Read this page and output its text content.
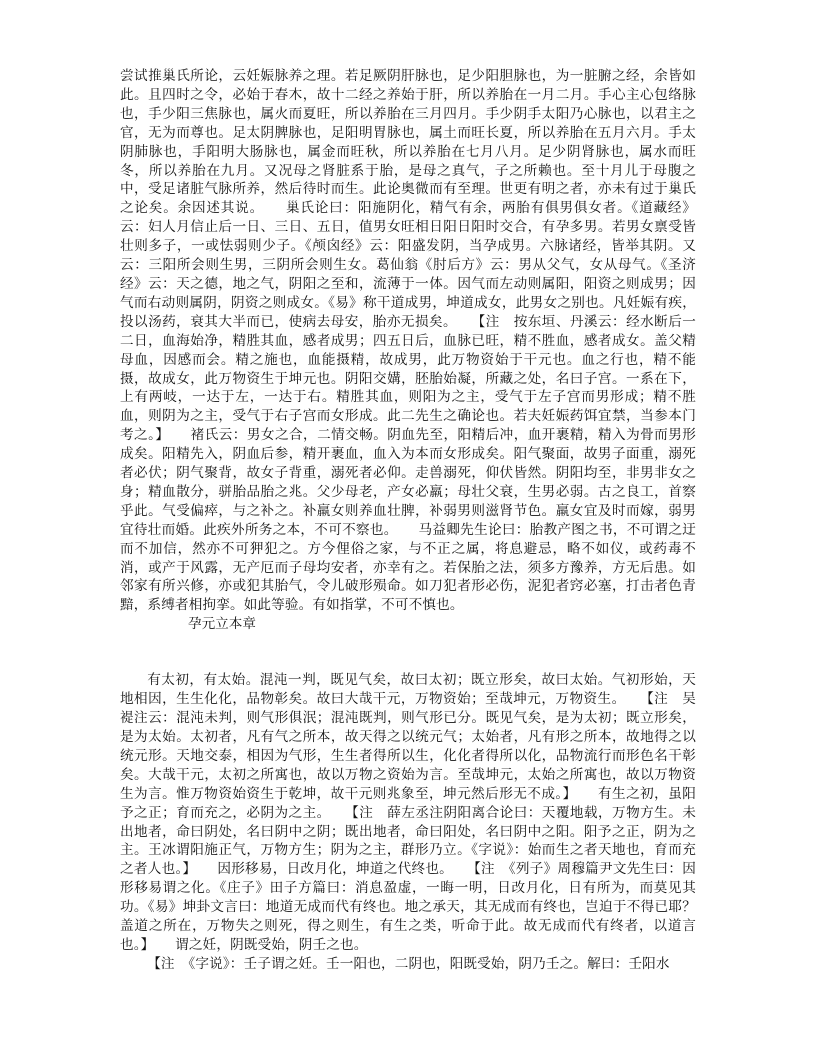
尝试推巢氏所论，云妊娠脉养之理。若足厥阴肝脉也，足少阳胆脉也，为一脏腑之经，余皆如此。且四时之令，必始于春木，故十二经之养始于肝，所以养胎在一月二月。手心主心包络脉也，手少阳三焦脉也，属火而夏旺，所以养胎在三月四月。手少阴手太阳乃心脉也，以君主之官，无为而尊也。足太阴脾脉也，足阳明胃脉也，属土而旺长夏，所以养胎在五月六月。手太阴肺脉也，手阳明大肠脉也，属金而旺秋，所以养胎在七月八月。足少阴肾脉也，属水而旺冬，所以养胎在九月。又况母之肾脏系于胎，是母之真气，子之所赖也。至十月儿于母腹之中，受足诸脏气脉所养，然后待时而生。此论奥微而有至理。世更有明之者，亦未有过于巢氏之论矣。余因述其说。　　巢氏论曰：阳施阴化，精气有余，两胎有俱男俱女者。《道藏经》云：妇人月信止后一日、三日、五日，值男女旺相日阳日阳时交合，有孕多男。若男女禀受皆壮则多子，一或怯弱则少子。《颅囟经》云：阳盛发阴，当孕成男。六脉诸经，皆举其阴。又云：三阳所会则生男，三阴所会则生女。葛仙翁《肘后方》云：男从父气，女从母气。《圣济经》云：天之德，地之气，阴阳之至和，流薄于一体。因气而左动则属阳，阳资之则成男；因气而右动则属阴，阴资之则成女。《易》称干道成男，坤道成女，此男女之别也。凡妊娠有疾，投以汤药，衰其大半而已，使病去母安，胎亦无损矣。　　【注　按东垣、丹溪云：经水断后一二日，血海始净，精胜其血，感者成男；四五日后，血脉已旺，精不胜血，感者成女。盖父精母血，因感而会。精之施也，血能摄精，故成男，此万物资始于干元也。血之行也，精不能摄，故成女，此万物资生于坤元也。阴阳交媾，胚胎始凝，所藏之处，名曰子宫。一系在下，上有两岐，一达于左，一达于右。精胜其血，则阳为之主，受气于左子宫而男形成；精不胜血，则阴为之主，受气于右子宫而女形成。此二先生之确论也。若夫妊娠药饵宜禁，当参本门考之。】　　褚氏云：男女之合，二情交畅。阴血先至，阳精后冲，血开裹精，精入为骨而男形成矣。阳精先入，阴血后参，精开裹血，血入为本而女形成矣。阳气聚面，故男子面重，溺死者必伏；阴气聚背，故女子背重，溺死者必仰。走兽溺死，仰伏皆然。阴阳均至，非男非女之身；精血散分，骈胎品胎之兆。父少母老，产女必羸；母壮父衰，生男必弱。古之良工，首察乎此。气受偏瘁，与之补之。补羸女则养血壮脾，补弱男则滋肾节色。羸女宜及时而嫁，弱男宜待壮而婚。此疾外所务之本，不可不察也。　　马益卿先生论曰：胎教产图之书，不可谓之迂而不加信，然亦不可狎犯之。方今俚俗之家，与不正之属，将息避忌，略不如仪，或药毒不消，或产于风露，无产厄而子母均安者，亦幸有之。若保胎之法，须多方豫养，方无后患。如邻家有所兴修，亦或犯其胎气，令儿破形殒命。如刀犯者形必伤，泥犯者窍必塞，打击者色青黯，系缚者相拘挛。如此等验。有如指掌，不可不慎也。

孕元立本章

有太初，有太始。混沌一判，既见气矣，故曰太初；既立形矣，故曰太始。气初形始，天地相因，生生化化，品物彰矣。故曰大哉干元，万物资始；至哉坤元，万物资生。　　【注　吴褆注云：混沌未判，则气形俱泯；混沌既判，则气形已分。既见气矣，是为太初；既立形矣，是为太始。太初者，凡有气之所本，故天得之以统元气；太始者，凡有形之所本，故地得之以统元形。天地交泰，相因为气形，生生者得所以生，化化者得所以化，品物流行而形色名干彰矣。大哉干元，太初之所寓也，故以万物之资始为言。至哉坤元，太始之所寓也，故以万物资生为言。惟万物资始资生于乾坤，故干元则兆象至，坤元然后形无不成。】　　有生之初，虽阳予之正；育而充之，必阴为之主。　　【注　薛左丞注阴阳离合论曰：天覆地载，万物方生。未出地者，命曰阴处，名曰阴中之阴；既出地者，命曰阳处，名曰阴中之阳。阳予之正，阴为之主。王冰谓阳施正气，万物方生；阴为之主，群形乃立。《字说》：始而生之者天地也，育而充之者人也。】　　因形移易，日改月化，坤道之代终也。　　【注　《列子》周穆篇尹文先生曰：因形移易谓之化。《庄子》田子方篇曰：消息盈虚，一晦一明，日改月化，日有所为，而莫见其功。《易》坤卦文言曰：地道无成而代有终也。地之承天，其无成而有终也，岂迫于不得已耶？盖道之所在，万物失之则死，得之则生，有生之类，听命于此。故无成而代有终者，以道言也。】　　谓之妊，阴既受始，阴壬之也。

【注　《字说》：壬子谓之妊。壬一阳也，二阴也，阳既受始，阴乃壬之。解曰：壬阳水
